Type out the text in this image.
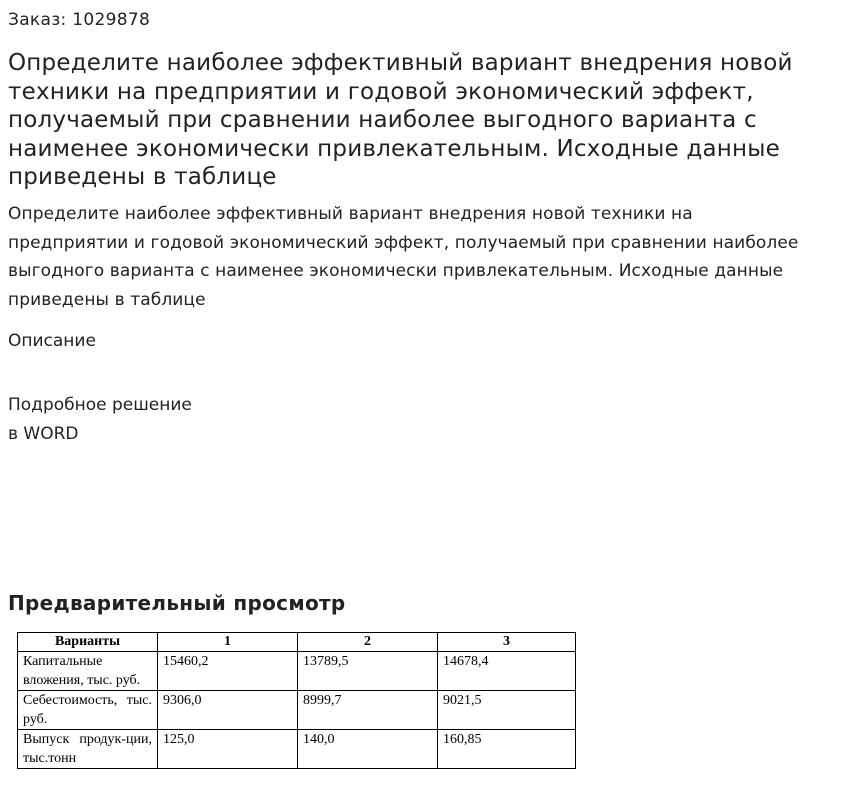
Заказ: 1029878
Определите наиболее эффективный вариант внедрения новой техники на предприятии и годовой экономический эффект, получаемый при сравнении наиболее выгодного варианта с наименее экономически привлекательным. Исходные данные приведены в таблице

Определите наиболее эффективный вариант внедрения новой техники на предприятии и годовой экономический эффект, получаемый при сравнении наиболее выгодного варианта с наименее экономически привлекательным. Исходные данные приведены в таблице

Описание
Подробное решение
в WORD
Предварительный просмотр
Варианты	1	2	3
Капитальные вложения, тыс. руб.	15460,2	13789,5	14678,4
Себестоимость, тыс. руб.	9306,0	8999,7	9021,5
Выпуск продук-ции, тыс.тонн	125,0	140,0	160,85
